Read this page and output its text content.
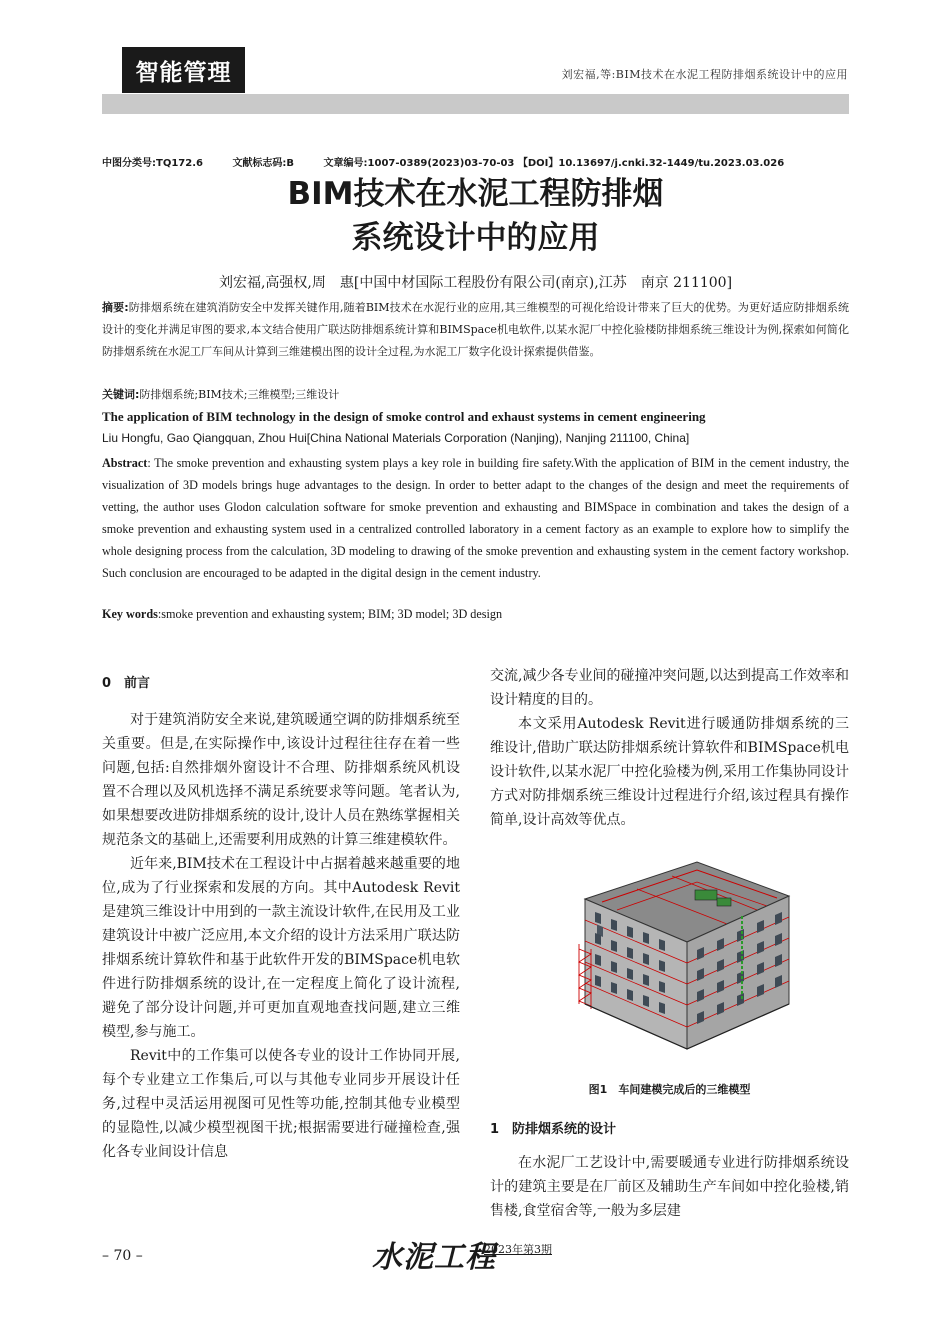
智能管理	刘宏福,等:BIM技术在水泥工程防排烟系统设计中的应用
中图分类号:TQ172.6	文献标志码:B	文章编号:1007-0389(2023)03-70-03 【DOI】10.13697/j.cnki.32-1449/tu.2023.03.026
BIM技术在水泥工程防排烟
系统设计中的应用
刘宏福,高强权,周　惠[中国中材国际工程股份有限公司(南京),江苏　南京 211100]
摘要:防排烟系统在建筑消防安全中发挥关键作用,随着BIM技术在水泥行业的应用,其三维模型的可视化给设计带来了巨大的优势。为更好适应防排烟系统设计的变化并满足审图的要求,本文结合使用广联达防排烟系统计算和BIMSpace机电软件,以某水泥厂中控化验楼防排烟系统三维设计为例,探索如何简化防排烟系统在水泥工厂车间从计算到三维建模出图的设计全过程,为水泥工厂数字化设计探索提供借鉴。
关键词:防排烟系统;BIM技术;三维模型;三维设计
The application of BIM technology in the design of smoke control and exhaust systems in cement engineering
Liu Hongfu, Gao Qiangquan, Zhou Hui[China National Materials Corporation (Nanjing), Nanjing 211100, China]
Abstract: The smoke prevention and exhausting system plays a key role in building fire safety.With the application of BIM in the cement industry, the visualization of 3D models brings huge advantages to the design. In order to better adapt to the changes of the design and meet the requirements of vetting, the author uses Glodon calculation software for smoke prevention and exhausting and BIMSpace in combination and takes the design of a smoke prevention and exhausting system used in a centralized controlled laboratory in a cement factory as an example to explore how to simplify the whole designing process from the calculation, 3D modeling to drawing of the smoke prevention and exhausting system in the cement factory workshop. Such conclusion are encouraged to be adapted in the digital design in the cement industry.
Key words:smoke prevention and exhausting system; BIM; 3D model; 3D design

0　前言

对于建筑消防安全来说,建筑暖通空调的防排烟系统至关重要。但是,在实际操作中,该设计过程往往存在着一些问题,包括:自然排烟外窗设计不合理、防排烟系统风机设置不合理以及风机选择不满足系统要求等问题。笔者认为,如果想要改进防排烟系统的设计,设计人员在熟练掌握相关规范条文的基础上,还需要利用成熟的计算三维建模软件。

近年来,BIM技术在工程设计中占据着越来越重要的地位,成为了行业探索和发展的方向。其中Autodesk Revit是建筑三维设计中用到的一款主流设计软件,在民用及工业建筑设计中被广泛应用,本文介绍的设计方法采用广联达防排烟系统计算软件和基于此软件开发的BIMSpace机电软件进行防排烟系统的设计,在一定程度上简化了设计流程,避免了部分设计问题,并可更加直观地查找问题,建立三维模型,参与施工。

Revit中的工作集可以使各专业的设计工作协同开展,每个专业建立工作集后,可以与其他专业同步开展设计任务,过程中灵活运用视图可见性等功能,控制其他专业模型的显隐性,以减少模型视图干扰;根据需要进行碰撞检查,强化各专业间设计信息

交流,减少各专业间的碰撞冲突问题,以达到提高工作效率和设计精度的目的。

本文采用Autodesk Revit进行暖通防排烟系统的三维设计,借助广联达防排烟系统计算软件和BIMSpace机电设计软件,以某水泥厂中控化验楼为例,采用工作集协同设计方式对防排烟系统三维设计过程进行介绍,该过程具有操作简单,设计高效等优点。

图1　车间建模完成后的三维模型
1　防排烟系统的设计

在水泥厂工艺设计中,需要暖通专业进行防排烟系统设计的建筑主要是在厂前区及辅助生产车间如中控化验楼,销售楼,食堂宿舍等,一般为多层建

– 70 –	水泥工程
2023年第3期
